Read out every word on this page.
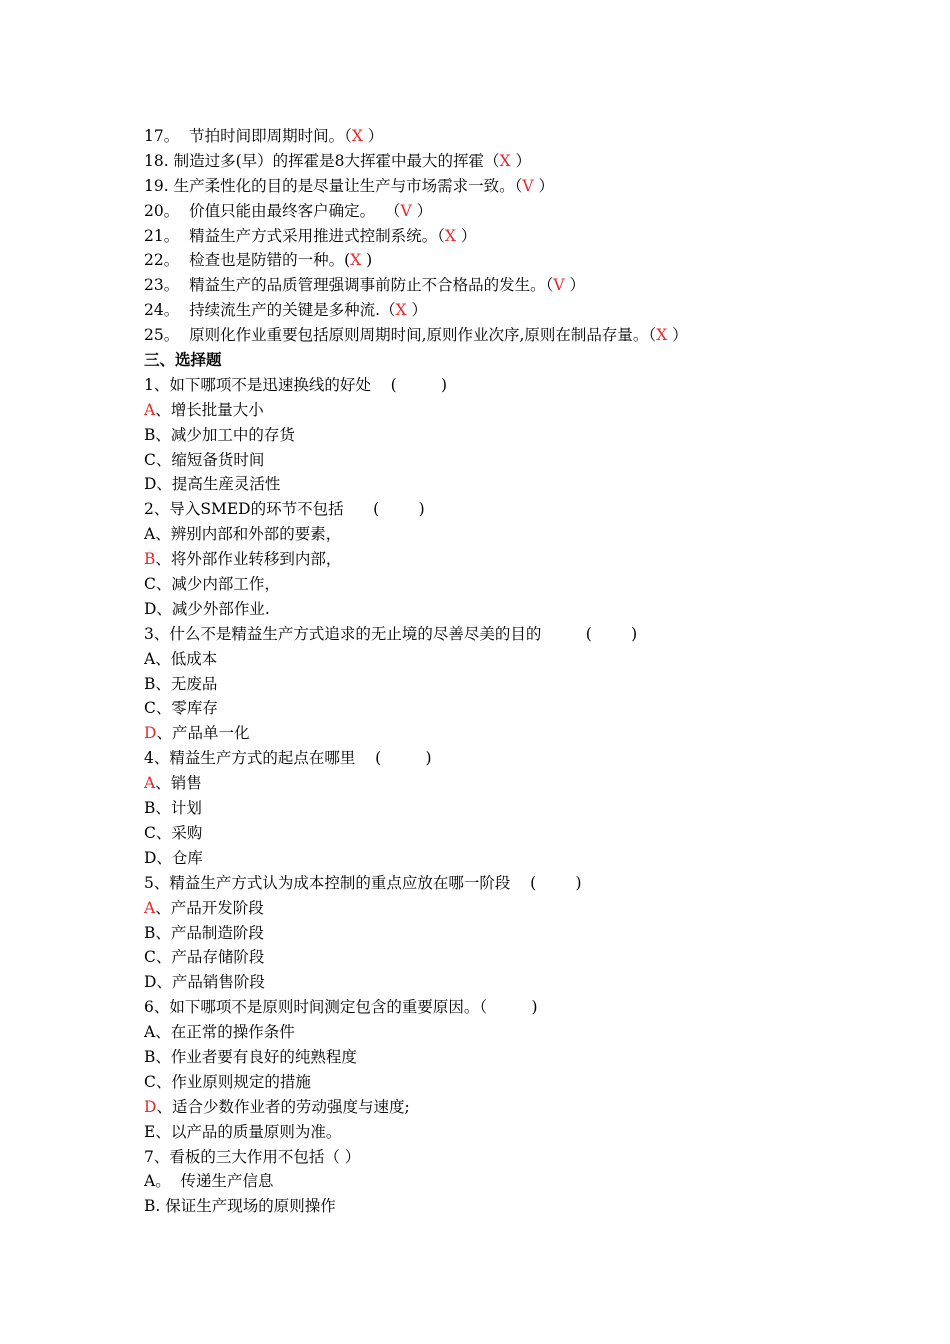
17。  节拍时间即周期时间。（X ）
18. 制造过多(早）的挥霍是8大挥霍中最大的挥霍（X ）
19. 生产柔性化的目的是尽量让生产与市场需求一致。（V ）
20。  价值只能由最终客户确定。  （V ）
21。  精益生产方式采用推进式控制系统。（X ）
22。  检查也是防错的一种。(X )
23。  精益生产的品质管理强调事前防止不合格品的发生。（V ）
24。  持续流生产的关键是多种流.（X ）
25。  原则化作业重要包括原则周期时间,原则作业次序,原则在制品存量。（X ）
三、选择题
1、如下哪项不是迅速换线的好处    (         )
A、增长批量大小
B、减少加工中的存货
C、缩短备货时间
D、提高生産灵活性
2、导入SMED的环节不包括      (        )
A、辨别内部和外部的要素，
B、将外部作业转移到内部，
C、减少内部工作，
D、减少外部作业.
3、什么不是精益生产方式追求的无止境的尽善尽美的目的         (        )
A、低成本
B、无废品
C、零库存
D、产品单一化
4、精益生产方式的起点在哪里    (         )
A、销售
B、计划
C、采购
D、仓库
5、精益生产方式认为成本控制的重点应放在哪一阶段    (        )
A、产品开发阶段
B、产品制造阶段
C、产品存储阶段
D、产品销售阶段
6、如下哪项不是原则时间测定包含的重要原因。（         )
A、在正常的操作条件
B、作业者要有良好的纯熟程度
C、作业原则规定的措施
D、适合少数作业者的劳动强度与速度;
E、以产品的质量原则为准。
7、看板的三大作用不包括（ ）
A。  传递生产信息
B. 保证生产现场的原则操作
